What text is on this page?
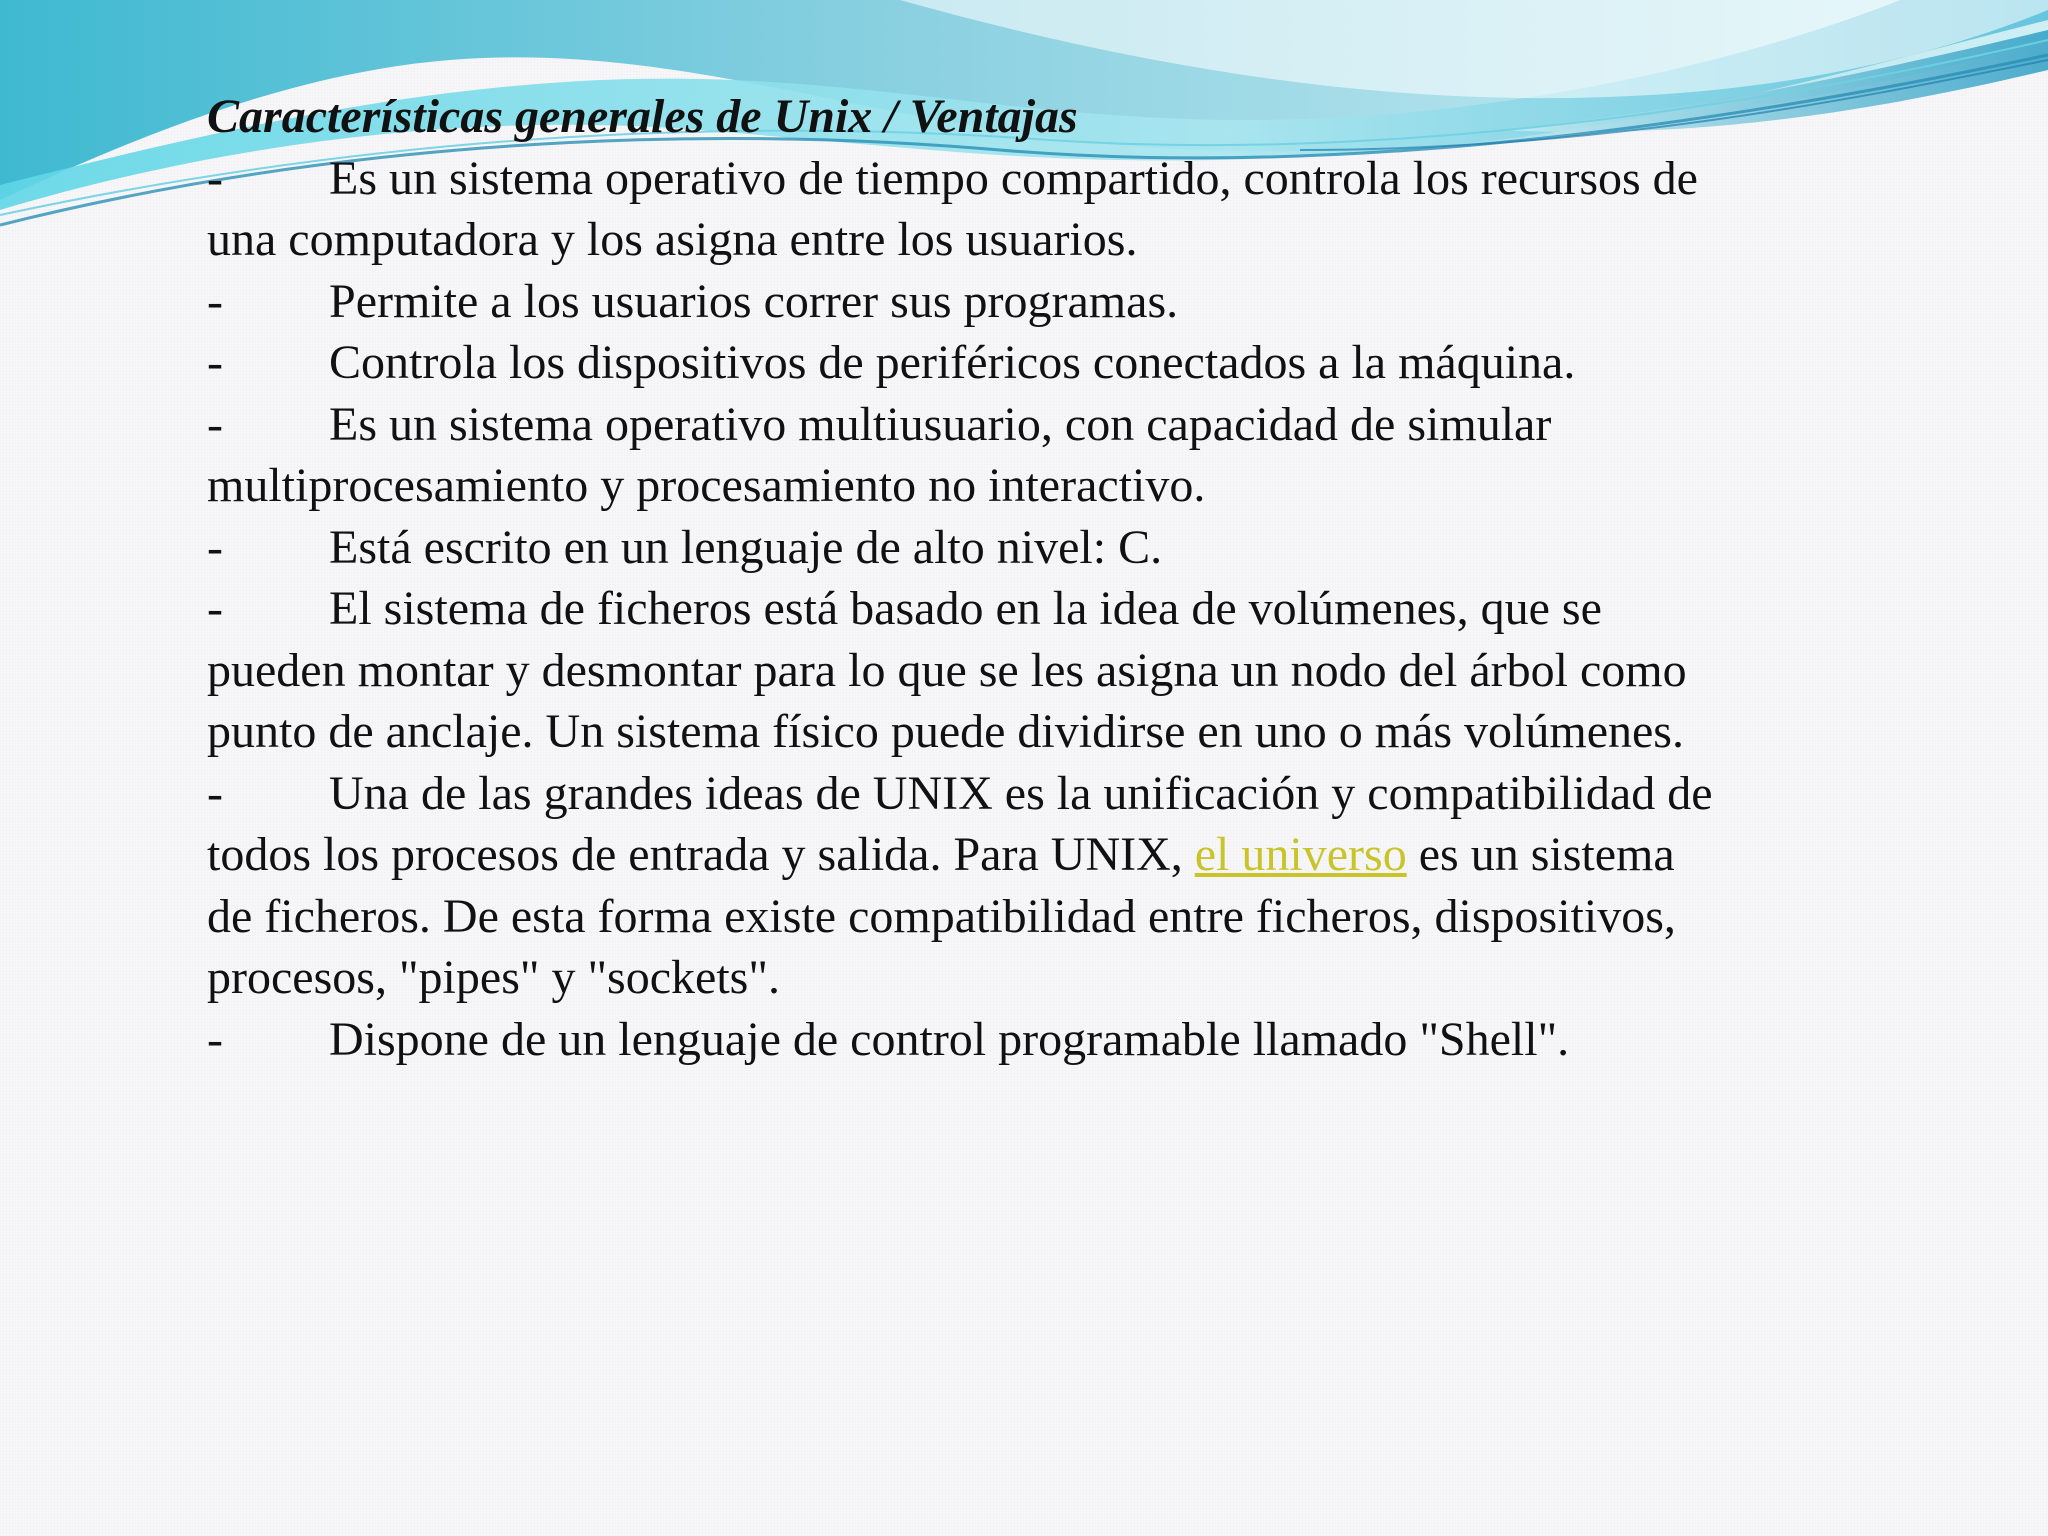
Características generales de Unix / Ventajas

- Es un sistema operativo de tiempo compartido, controla los recursos de una computadora y los asigna entre los usuarios.

- Permite a los usuarios correr sus programas.

- Controla los dispositivos de periféricos conectados a la máquina.

- Es un sistema operativo multiusuario, con capacidad de simular multiprocesamiento y procesamiento no interactivo.

- Está escrito en un lenguaje de alto nivel: C.

- El sistema de ficheros está basado en la idea de volúmenes, que se pueden montar y desmontar para lo que se les asigna un nodo del árbol como punto de anclaje. Un sistema físico puede dividirse en uno o más volúmenes.

- Una de las grandes ideas de UNIX es la unificación y compatibilidad de todos los procesos de entrada y salida. Para UNIX, el universo es un sistema de ficheros. De esta forma existe compatibilidad entre ficheros, dispositivos, procesos, "pipes" y "sockets".

- Dispone de un lenguaje de control programable llamado "Shell".
